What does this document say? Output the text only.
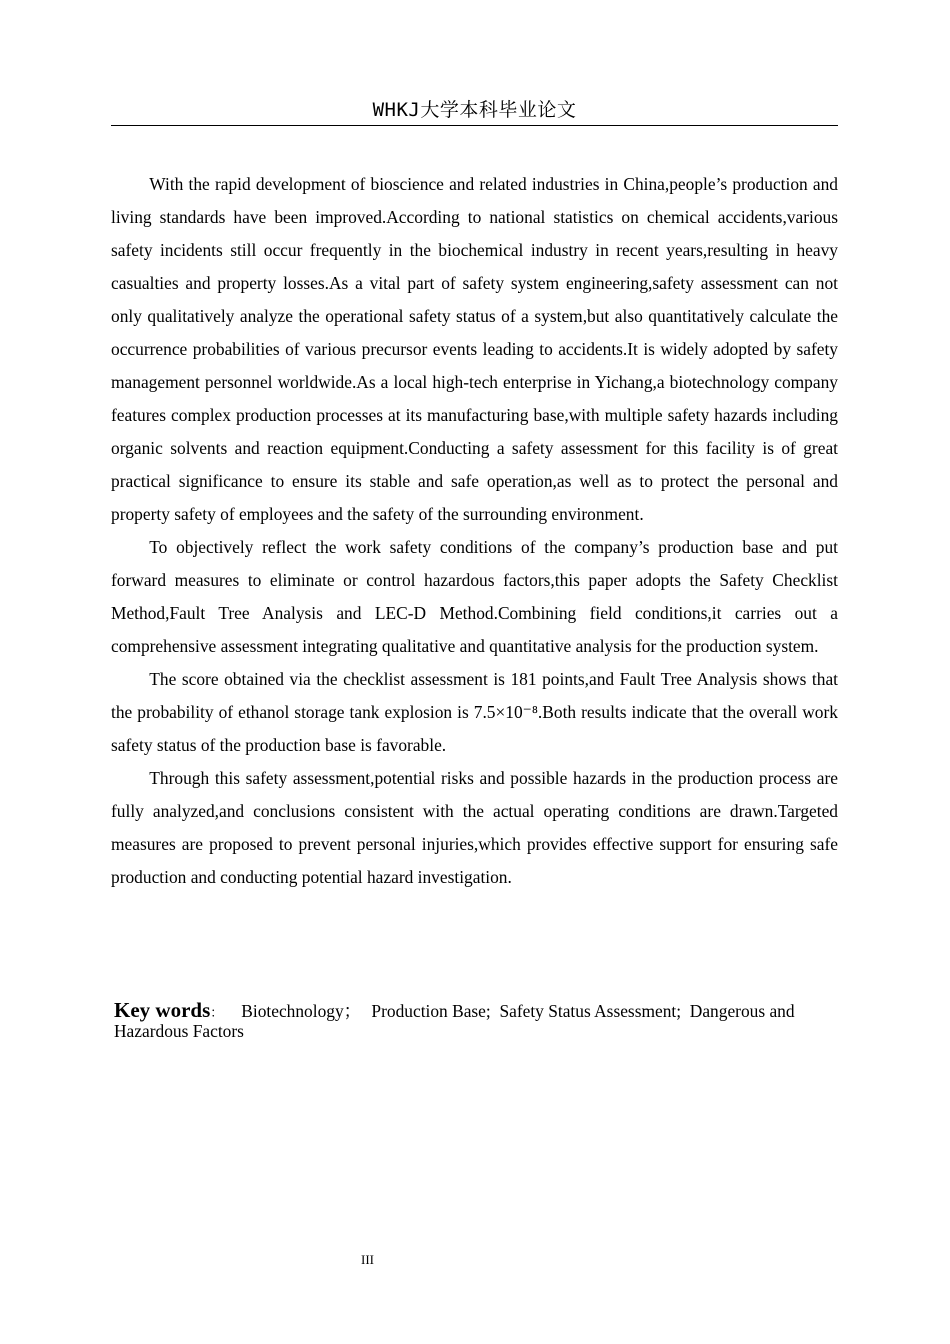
WHKJ大学本科毕业论文

With the rapid development of bioscience and related industries in China,people’s production and living standards have been improved.According to national statistics on chemical accidents,various safety incidents still occur frequently in the biochemical industry in recent years,resulting in heavy casualties and property losses.As a vital part of safety system engineering,safety assessment can not only qualitatively analyze the operational safety status of a system,but also quantitatively calculate the occurrence probabilities of various precursor events leading to accidents.It is widely adopted by safety management personnel worldwide.As a local high-tech enterprise in Yichang,a biotechnology company features complex production processes at its manufacturing base,with multiple safety hazards including organic solvents and reaction equipment.Conducting a safety assessment for this facility is of great practical significance to ensure its stable and safe operation,as well as to protect the personal and property safety of employees and the safety of the surrounding environment.

To objectively reflect the work safety conditions of the company’s production base and put forward measures to eliminate or control hazardous factors,this paper adopts the Safety Checklist Method,Fault Tree Analysis and LEC-D Method.Combining field conditions,it carries out a comprehensive assessment integrating qualitative and quantitative analysis for the production system.

The score obtained via the checklist assessment is 181 points,and Fault Tree Analysis shows that the probability of ethanol storage tank explosion is 7.5×10⁻⁸.Both results indicate that the overall work safety status of the production base is favorable.

Through this safety assessment,potential risks and possible hazards in the production process are fully analyzed,and conclusions consistent with the actual operating conditions are drawn.Targeted measures are proposed to prevent personal injuries,which provides effective support for ensuring safe production and conducting potential hazard investigation.

Key words： Biotechnology； Production Base; Safety Status Assessment; Dangerous and Hazardous Factors
III
